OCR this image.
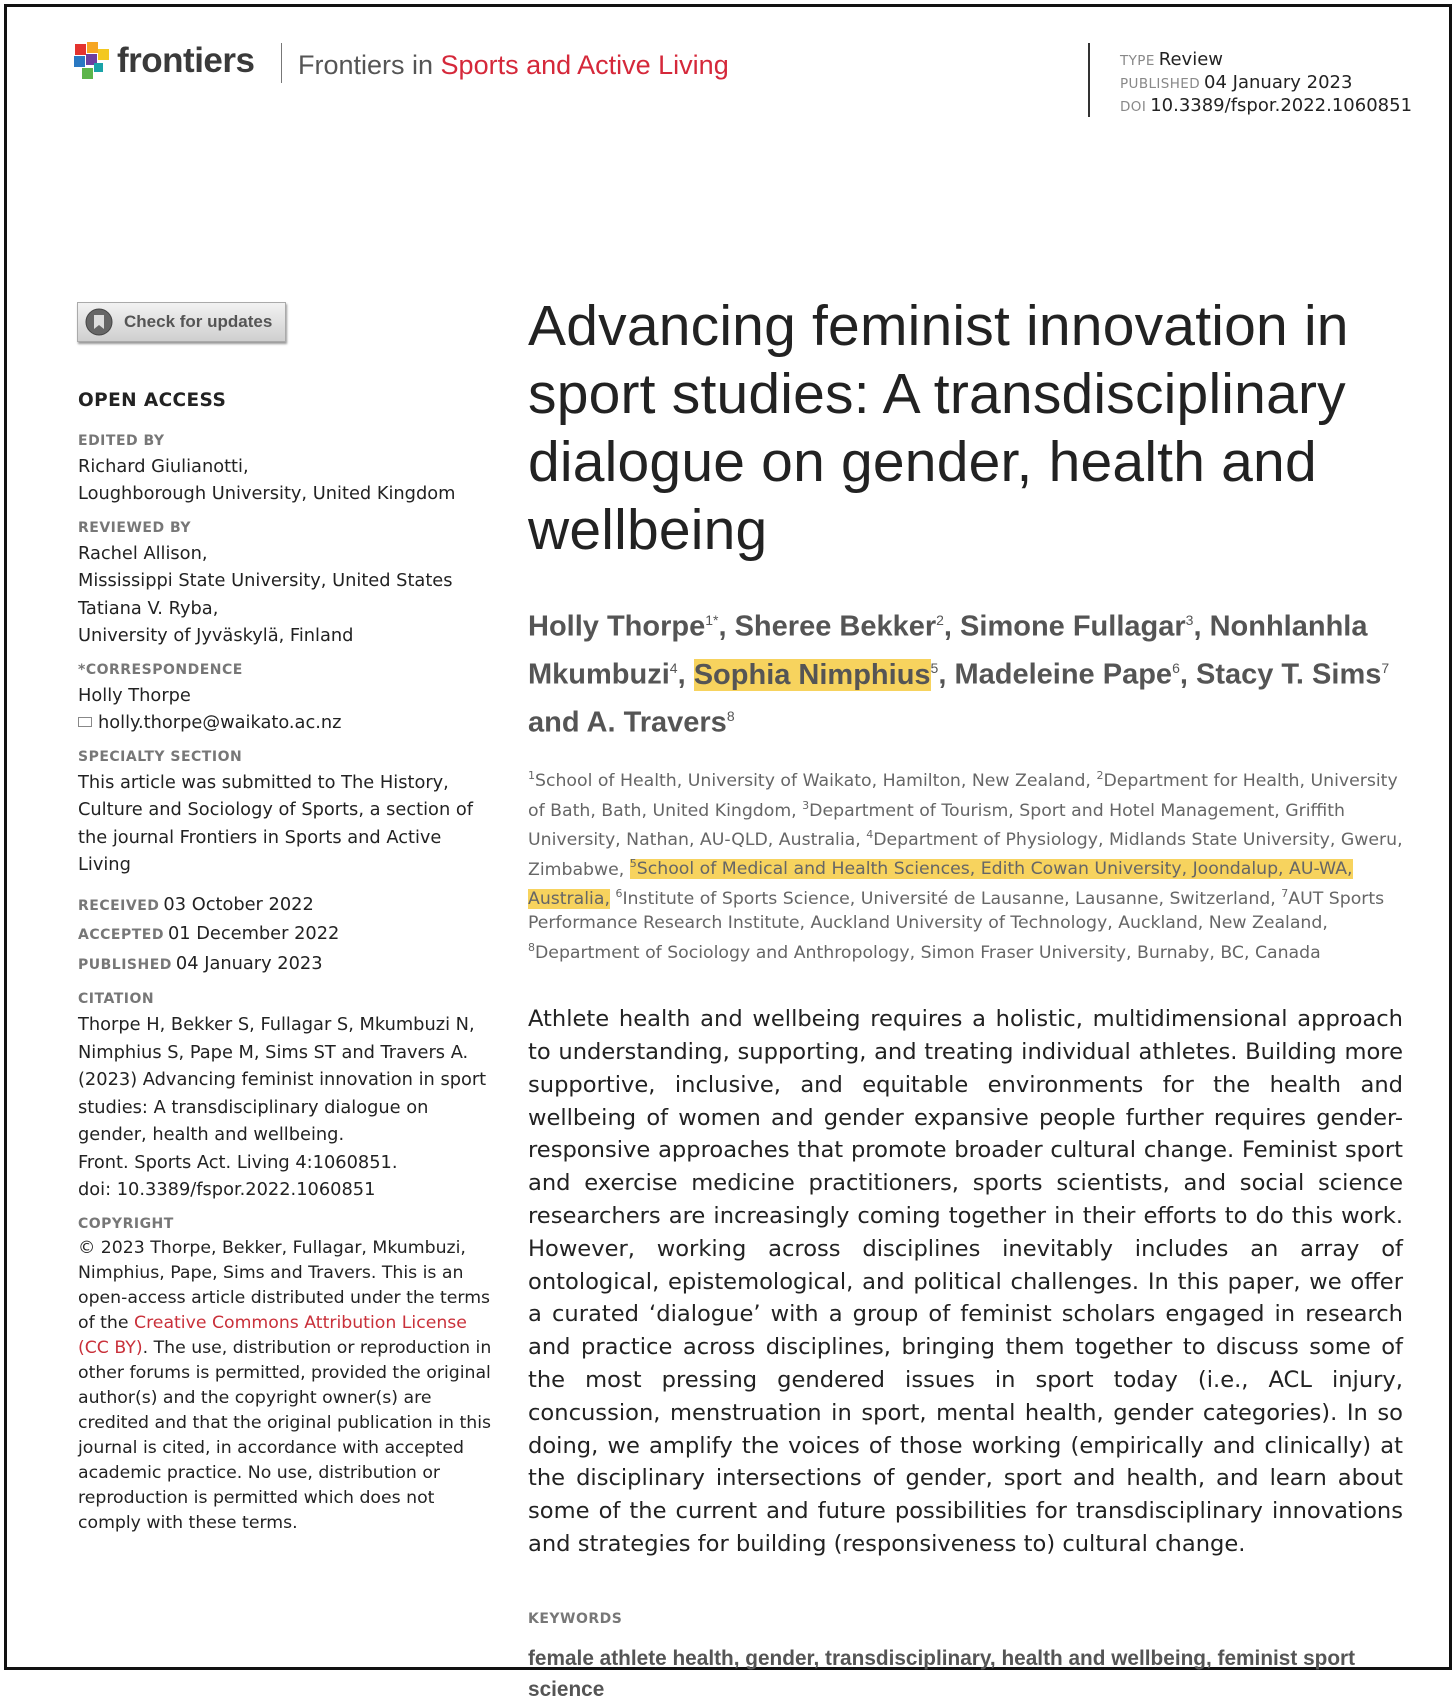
frontiers Frontiers in Sports and Active Living	TYPE Review
PUBLISHED 04 January 2023
DOI 10.3389/fspor.2022.1060851
Check for updates
OPEN ACCESS
EDITED BY

Richard Giulianotti,

Loughborough University, United Kingdom

REVIEWED BY

Rachel Allison,

Mississippi State University, United States

Tatiana V. Ryba,

University of Jyväskylä, Finland

*CORRESPONDENCE

Holly Thorpe

holly.thorpe@waikato.ac.nz

SPECIALTY SECTION

This article was submitted to The History, Culture and Sociology of Sports, a section of the journal Frontiers in Sports and Active Living

RECEIVED 03 October 2022

ACCEPTED 01 December 2022

PUBLISHED 04 January 2023

CITATION

Thorpe H, Bekker S, Fullagar S, Mkumbuzi N, Nimphius S, Pape M, Sims ST and Travers A. (2023) Advancing feminist innovation in sport studies: A transdisciplinary dialogue on gender, health and wellbeing.

Front. Sports Act. Living 4:1060851.

doi: 10.3389/fspor.2022.1060851

COPYRIGHT

© 2023 Thorpe, Bekker, Fullagar, Mkumbuzi, Nimphius, Pape, Sims and Travers. This is an open-access article distributed under the terms of the Creative Commons Attribution License (CC BY). The use, distribution or reproduction in other forums is permitted, provided the original author(s) and the copyright owner(s) are credited and that the original publication in this journal is cited, in accordance with accepted academic practice. No use, distribution or reproduction is permitted which does not comply with these terms.

Advancing feminist innovation in sport studies: A transdisciplinary dialogue on gender, health and wellbeing
Holly Thorpe$^{1*}$, Sheree Bekker$^2$, Simone Fullagar$^3$, Nonhlanhla Mkumbuzi$^4$, Sophia Nimphius$^5$, Madeleine Pape$^6$, Stacy T. Sims$^7$ and A. Travers$^8$
$^1$School of Health, University of Waikato, Hamilton, New Zealand, $^2$Department for Health, University of Bath, Bath, United Kingdom, $^3$Department of Tourism, Sport and Hotel Management, Griffith University, Nathan, AU-QLD, Australia, $^4$Department of Physiology, Midlands State University, Gweru, Zimbabwe, $^5$School of Medical and Health Sciences, Edith Cowan University, Joondalup, AU-WA, Australia, $^6$Institute of Sports Science, Université de Lausanne, Lausanne, Switzerland, $^7$AUT Sports Performance Research Institute, Auckland University of Technology, Auckland, New Zealand, $^8$Department of Sociology and Anthropology, Simon Fraser University, Burnaby, BC, Canada

Athlete health and wellbeing requires a holistic, multidimensional approach to understanding, supporting, and treating individual athletes. Building more supportive, inclusive, and equitable environments for the health and wellbeing of women and gender expansive people further requires gender-responsive approaches that promote broader cultural change. Feminist sport and exercise medicine practitioners, sports scientists, and social science researchers are increasingly coming together in their efforts to do this work. However, working across disciplines inevitably includes an array of ontological, epistemological, and political challenges. In this paper, we offer a curated ‘dialogue’ with a group of feminist scholars engaged in research and practice across disciplines, bringing them together to discuss some of the most pressing gendered issues in sport today (i.e., ACL injury, concussion, menstruation in sport, mental health, gender categories). In so doing, we amplify the voices of those working (empirically and clinically) at the disciplinary intersections of gender, sport and health, and learn about some of the current and future possibilities for transdisciplinary innovations and strategies for building (responsiveness to) cultural change.

KEYWORDS

female athlete health, gender, transdisciplinary, health and wellbeing, feminist sport science
